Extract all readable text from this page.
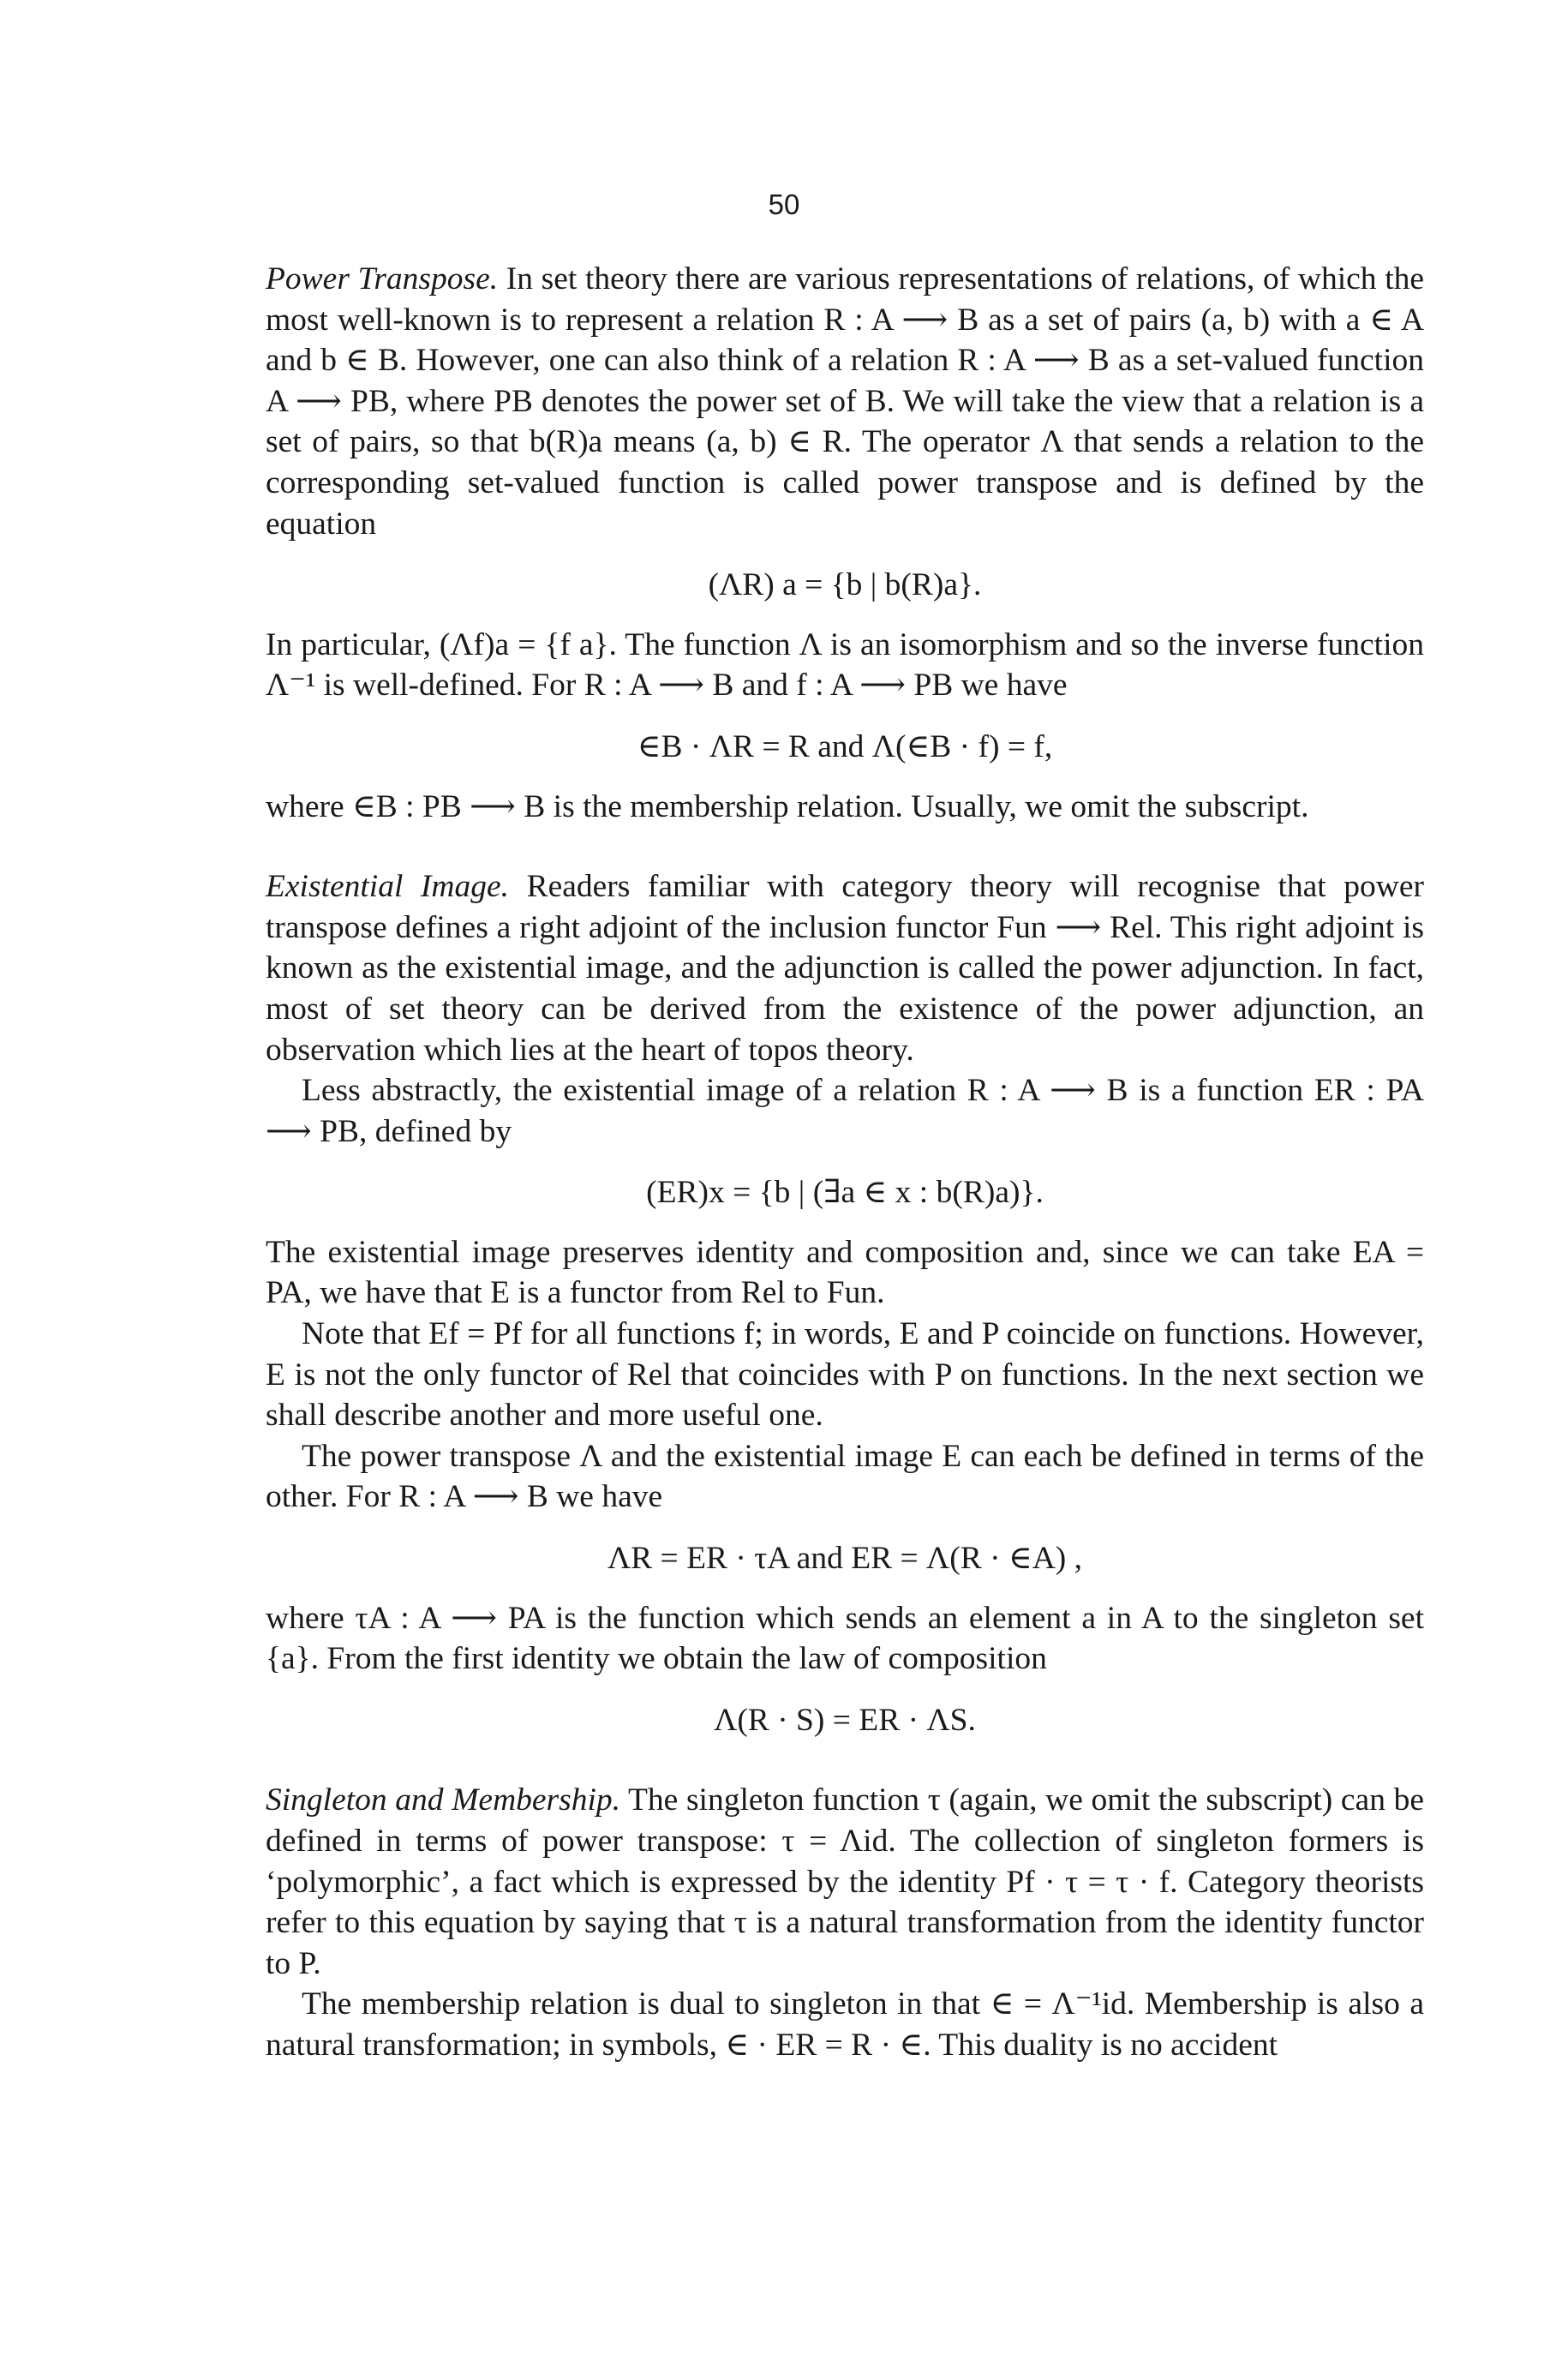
50

Power Transpose. In set theory there are various representations of relations, of which the most well-known is to represent a relation R : A ⟶ B as a set of pairs (a, b) with a ∈ A and b ∈ B. However, one can also think of a relation R : A ⟶ B as a set-valued function A ⟶ PB, where PB denotes the power set of B. We will take the view that a relation is a set of pairs, so that b(R)a means (a, b) ∈ R. The operator Λ that sends a relation to the corresponding set-valued function is called power transpose and is defined by the equation

(ΛR) a = {b | b(R)a}.

In particular, (Λf)a = {f a}. The function Λ is an isomorphism and so the inverse function Λ⁻¹ is well-defined. For R : A ⟶ B and f : A ⟶ PB we have

∈B · ΛR = R and Λ(∈B · f) = f,

where ∈B : PB ⟶ B is the membership relation. Usually, we omit the subscript.

Existential Image. Readers familiar with category theory will recognise that power transpose defines a right adjoint of the inclusion functor Fun ⟶ Rel. This right adjoint is known as the existential image, and the adjunction is called the power adjunction. In fact, most of set theory can be derived from the existence of the power adjunction, an observation which lies at the heart of topos theory.

Less abstractly, the existential image of a relation R : A ⟶ B is a function ER : PA ⟶ PB, defined by

(ER)x = {b | (∃a ∈ x : b(R)a)}.

The existential image preserves identity and composition and, since we can take EA = PA, we have that E is a functor from Rel to Fun.

Note that Ef = Pf for all functions f; in words, E and P coincide on functions. However, E is not the only functor of Rel that coincides with P on functions. In the next section we shall describe another and more useful one.

The power transpose Λ and the existential image E can each be defined in terms of the other. For R : A ⟶ B we have

ΛR = ER · τA and ER = Λ(R · ∈A) ,

where τA : A ⟶ PA is the function which sends an element a in A to the singleton set {a}. From the first identity we obtain the law of composition

Λ(R · S) = ER · ΛS.

Singleton and Membership. The singleton function τ (again, we omit the subscript) can be defined in terms of power transpose: τ = Λid. The collection of singleton formers is ‘polymorphic’, a fact which is expressed by the identity Pf · τ = τ · f. Category theorists refer to this equation by saying that τ is a natural transformation from the identity functor to P.

The membership relation is dual to singleton in that ∈ = Λ⁻¹id. Membership is also a natural transformation; in symbols, ∈ · ER = R · ∈. This duality is no accident
